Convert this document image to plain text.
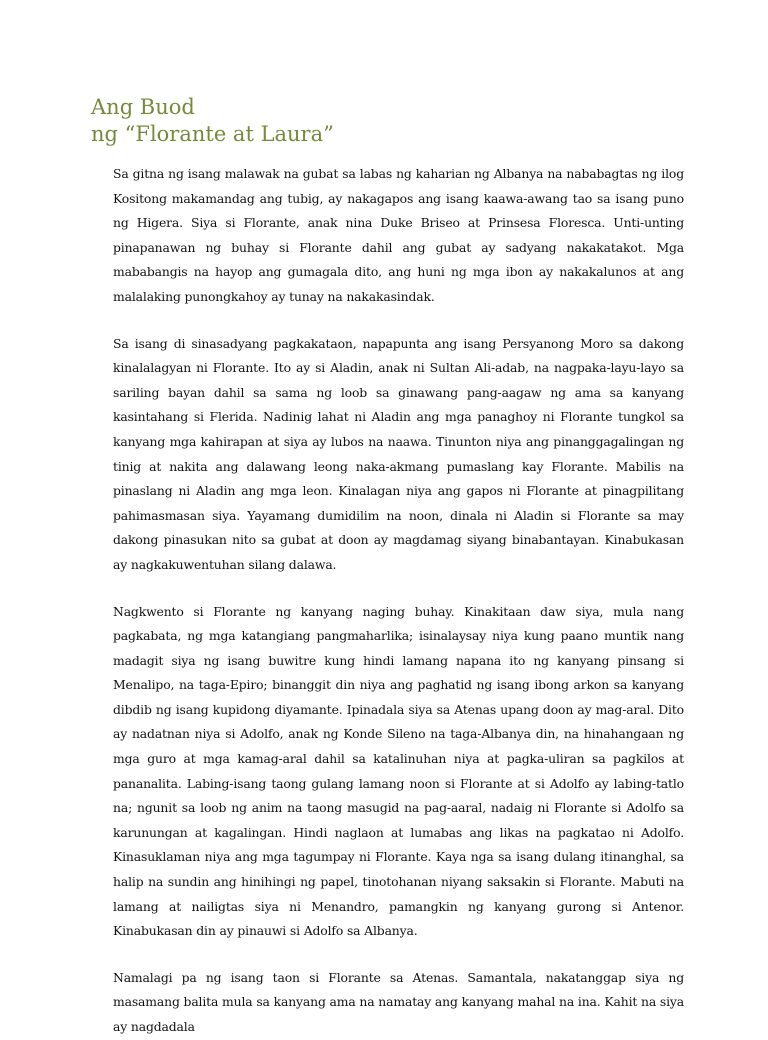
Ang Buod
ng “Florante at Laura”

Sa gitna ng isang malawak na gubat sa labas ng kaharian ng Albanya na nababagtas ng ilog Kositong makamandag ang tubig, ay nakagapos ang isang kaawa-awang tao sa isang puno ng Higera. Siya si Florante, anak nina Duke Briseo at Prinsesa Floresca. Unti-unting pinapanawan ng buhay si Florante dahil ang gubat ay sadyang nakakatakot. Mga mababangis na hayop ang gumagala dito, ang huni ng mga ibon ay nakakalunos at ang malalaking punongkahoy ay tunay na nakakasindak.

Sa isang di sinasadyang pagkakataon, napapunta ang isang Persyanong Moro sa dakong kinalalagyan ni Florante. Ito ay si Aladin, anak ni Sultan Ali-adab, na nagpaka-layu-layo sa sariling bayan dahil sa sama ng loob sa ginawang pang-aagaw ng ama sa kanyang kasintahang si Flerida. Nadinig lahat ni Aladin ang mga panaghoy ni Florante tungkol sa kanyang mga kahirapan at siya ay lubos na naawa. Tinunton niya ang pinanggagalingan ng tinig at nakita ang dalawang leong naka-akmang pumaslang kay Florante. Mabilis na pinaslang ni Aladin ang mga leon. Kinalagan niya ang gapos ni Florante at pinagpilitang pahimasmasan siya. Yayamang dumidilim na noon, dinala ni Aladin si Florante sa may dakong pinasukan nito sa gubat at doon ay magdamag siyang binabantayan. Kinabukasan ay nagkakuwentuhan silang dalawa.

Nagkwento si Florante ng kanyang naging buhay. Kinakitaan daw siya, mula nang pagkabata, ng mga katangiang pangmaharlika; isinalaysay niya kung paano muntik nang madagit siya ng isang buwitre kung hindi lamang napana ito ng kanyang pinsang si Menalipo, na taga-Epiro; binanggit din niya ang paghatid ng isang ibong arkon sa kanyang dibdib ng isang kupidong diyamante. Ipinadala siya sa Atenas upang doon ay mag-aral. Dito ay nadatnan niya si Adolfo, anak ng Konde Sileno na taga-Albanya din, na hinahangaan ng mga guro at mga kamag-aral dahil sa katalinuhan niya at pagka-uliran sa pagkilos at pananalita. Labing-isang taong gulang lamang noon si Florante at si Adolfo ay labing-tatlo na; ngunit sa loob ng anim na taong masugid na pag-aaral, nadaig ni Florante si Adolfo sa karunungan at kagalingan. Hindi naglaon at lumabas ang likas na pagkatao ni Adolfo. Kinasuklaman niya ang mga tagumpay ni Florante. Kaya nga sa isang dulang itinanghal, sa halip na sundin ang hinihingi ng papel, tinotohanan niyang saksakin si Florante. Mabuti na lamang at nailigtas siya ni Menandro, pamangkin ng kanyang gurong si Antenor. Kinabukasan din ay pinauwi si Adolfo sa Albanya.

Namalagi pa ng isang taon si Florante sa Atenas. Samantala, nakatanggap siya ng masamang balita mula sa kanyang ama na namatay ang kanyang mahal na ina. Kahit na siya ay nagdadala
